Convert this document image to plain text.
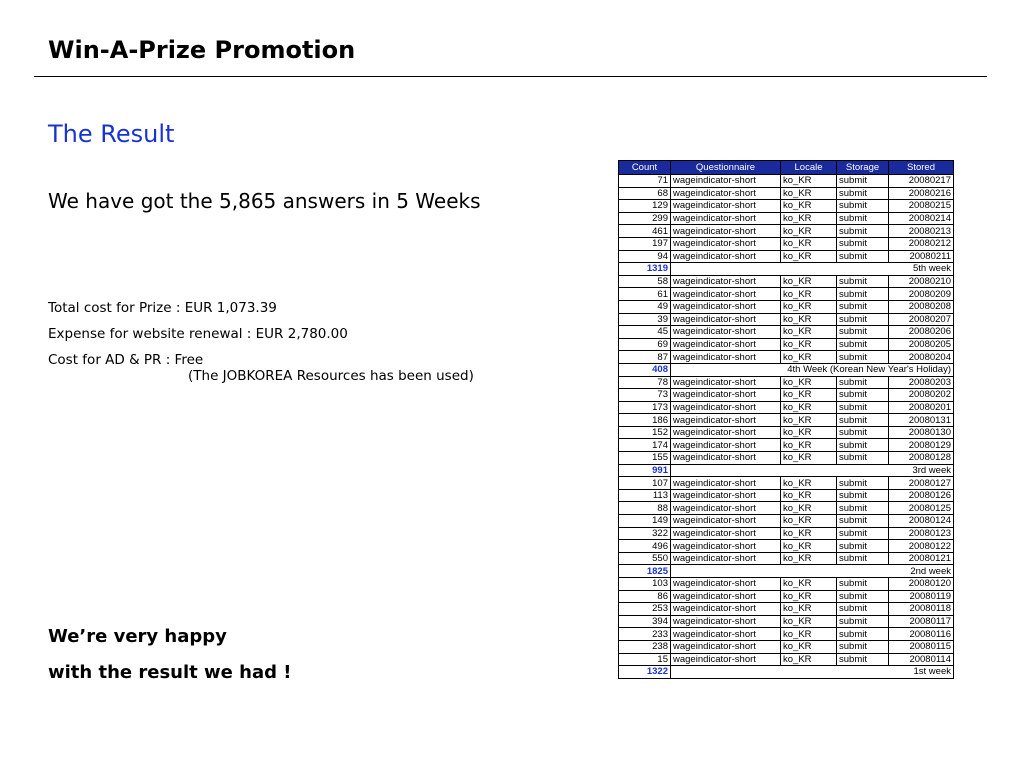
Win-A-Prize Promotion
The Result

We have got the 5,865 answers in 5 Weeks

Total cost for Prize : EUR 1,073.39
Expense for website renewal : EUR 2,780.00
Cost for AD & PR : Free
(The JOBKOREA Resources has been used)
We’re very happy
with the result we had !
Count	Questionnaire	Locale	Storage	Stored
71	wageindicator-short	ko_KR	submit	20080217
68	wageindicator-short	ko_KR	submit	20080216
129	wageindicator-short	ko_KR	submit	20080215
299	wageindicator-short	ko_KR	submit	20080214
461	wageindicator-short	ko_KR	submit	20080213
197	wageindicator-short	ko_KR	submit	20080212
94	wageindicator-short	ko_KR	submit	20080211
1319	5th week			
58	wageindicator-short	ko_KR	submit	20080210
61	wageindicator-short	ko_KR	submit	20080209
49	wageindicator-short	ko_KR	submit	20080208
39	wageindicator-short	ko_KR	submit	20080207
45	wageindicator-short	ko_KR	submit	20080206
69	wageindicator-short	ko_KR	submit	20080205
87	wageindicator-short	ko_KR	submit	20080204
408	4th Week (Korean New Year's Holiday)			
78	wageindicator-short	ko_KR	submit	20080203
73	wageindicator-short	ko_KR	submit	20080202
173	wageindicator-short	ko_KR	submit	20080201
186	wageindicator-short	ko_KR	submit	20080131
152	wageindicator-short	ko_KR	submit	20080130
174	wageindicator-short	ko_KR	submit	20080129
155	wageindicator-short	ko_KR	submit	20080128
991	3rd week			
107	wageindicator-short	ko_KR	submit	20080127
113	wageindicator-short	ko_KR	submit	20080126
88	wageindicator-short	ko_KR	submit	20080125
149	wageindicator-short	ko_KR	submit	20080124
322	wageindicator-short	ko_KR	submit	20080123
496	wageindicator-short	ko_KR	submit	20080122
550	wageindicator-short	ko_KR	submit	20080121
1825	2nd week			
103	wageindicator-short	ko_KR	submit	20080120
86	wageindicator-short	ko_KR	submit	20080119
253	wageindicator-short	ko_KR	submit	20080118
394	wageindicator-short	ko_KR	submit	20080117
233	wageindicator-short	ko_KR	submit	20080116
238	wageindicator-short	ko_KR	submit	20080115
15	wageindicator-short	ko_KR	submit	20080114
1322	1st week			
